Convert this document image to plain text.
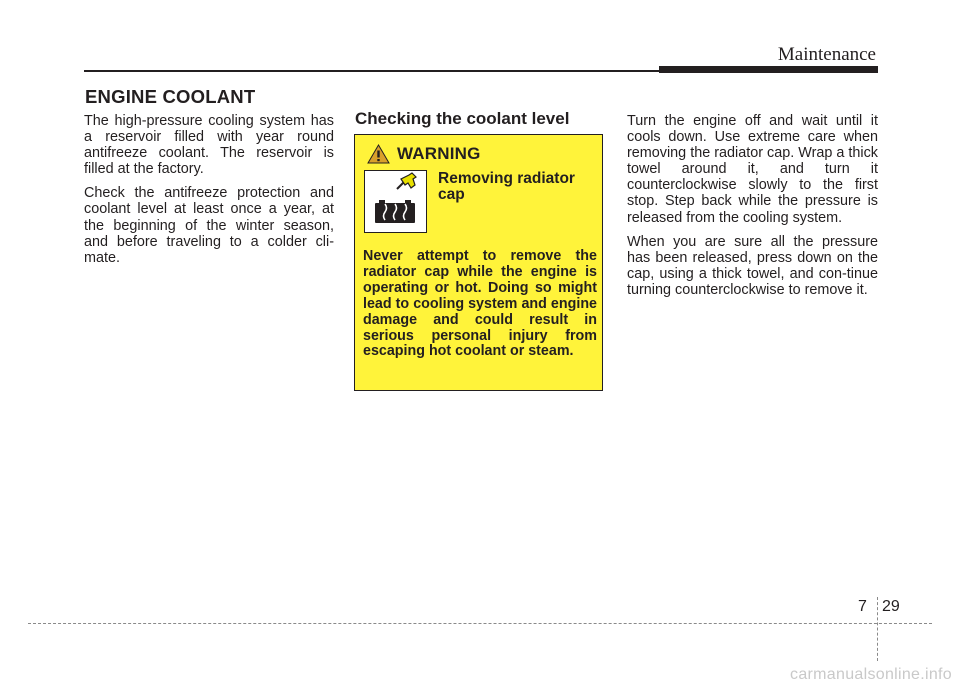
Maintenance
ENGINE COOLANT

The high-pressure cooling system has a reservoir filled with year round antifreeze coolant. The reservoir is filled at the factory.

Check the antifreeze protection and coolant level at least once a year, at the beginning of the winter season, and before traveling to a colder cli-mate.

Checking the coolant level
WARNING
Removing radiator cap
Never attempt to remove the radiator cap while the engine is operating or hot. Doing so might lead to cooling system and engine damage and could result in serious personal injury from escaping hot coolant or steam.

Turn the engine off and wait until it cools down. Use extreme care when removing the radiator cap. Wrap a thick towel around it, and turn it counterclockwise slowly to the first stop. Step back while the pressure is released from the cooling system.

When you are sure all the pressure has been released, press down on the cap, using a thick towel, and con-tinue turning counterclockwise to remove it.

7 29
carmanualsonline.info
